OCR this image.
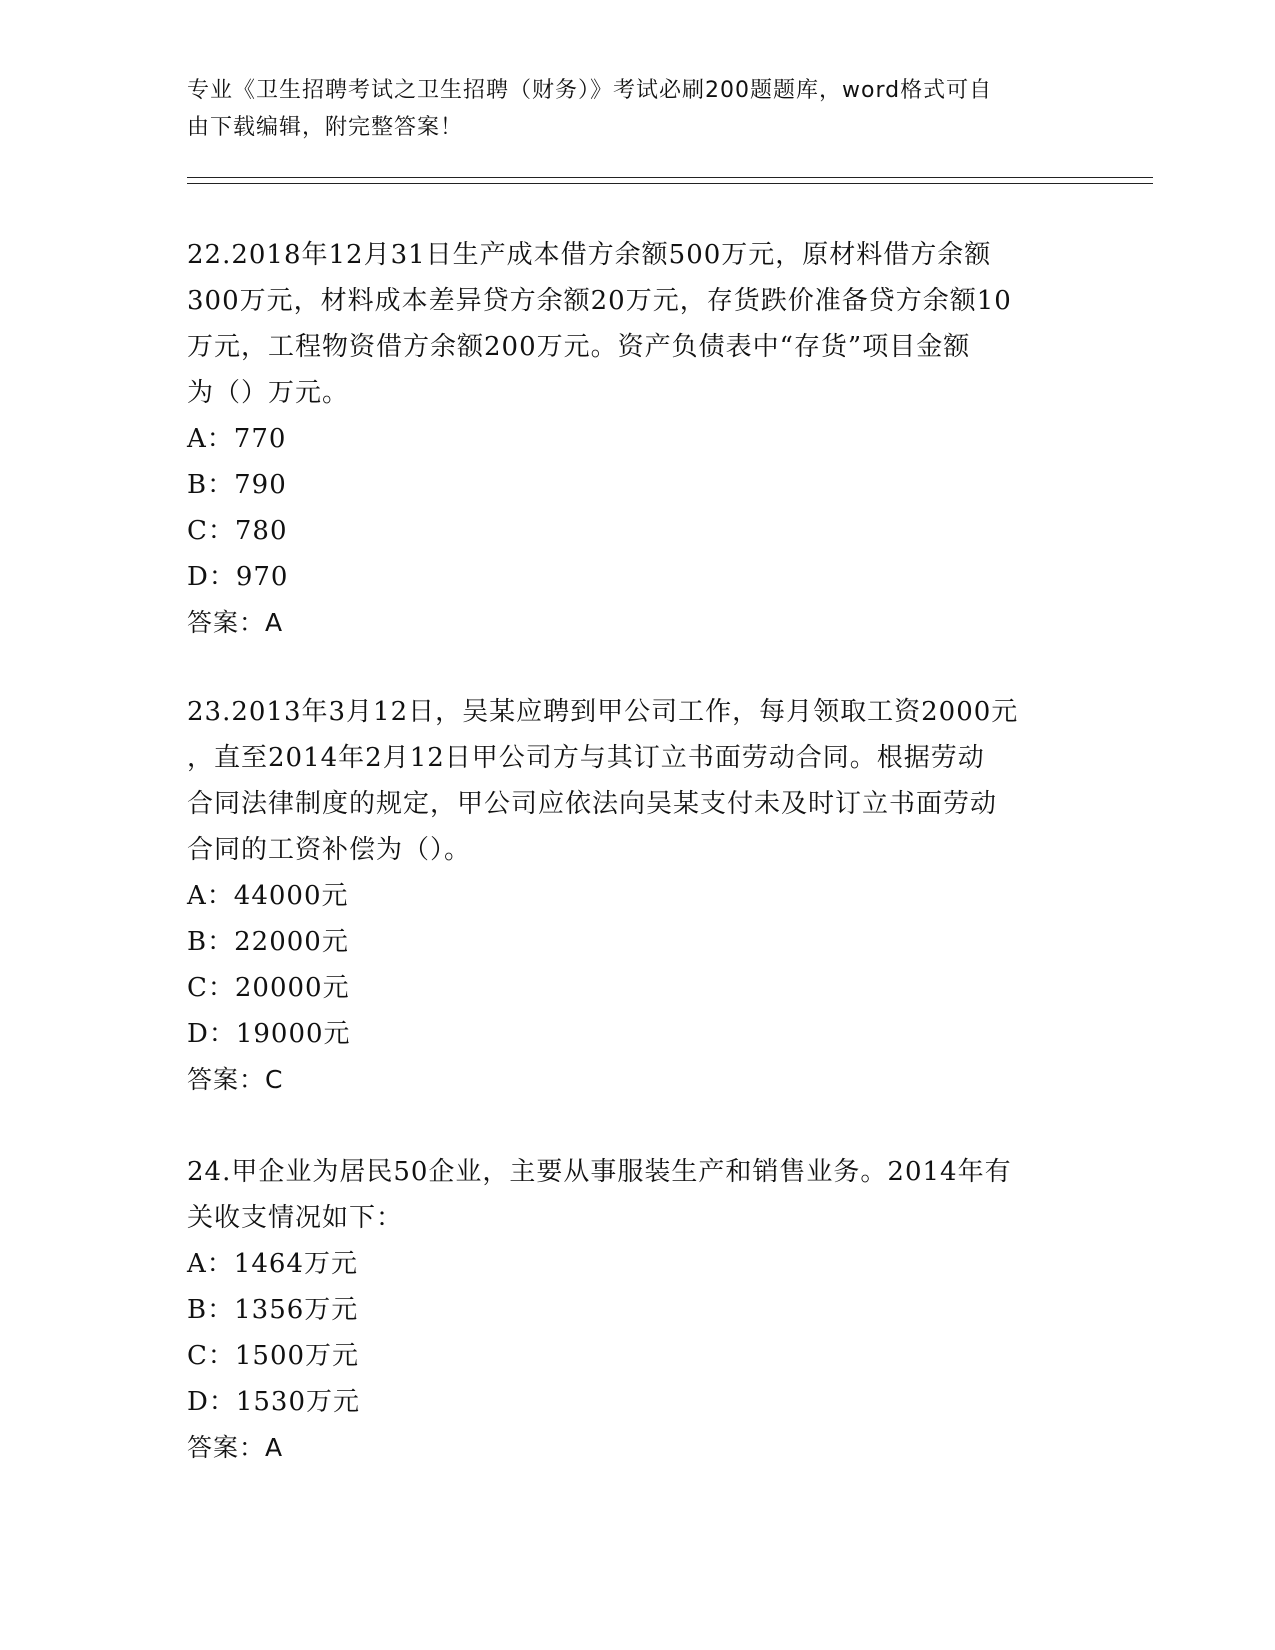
专业《卫生招聘考试之卫生招聘（财务）》考试必刷200题题库，word格式可自
由下载编辑，附完整答案！

22.2018年12月31日生产成本借方余额500万元，原材料借方余额

300万元，材料成本差异贷方余额20万元，存货跌价准备贷方余额10

万元，工程物资借方余额200万元。资产负债表中“存货”项目金额

为（）万元。

A：770

B：790

C：780

D：970

答案：A

23.2013年3月12日，吴某应聘到甲公司工作，每月领取工资2000元

，直至2014年2月12日甲公司方与其订立书面劳动合同。根据劳动

合同法律制度的规定，甲公司应依法向吴某支付未及时订立书面劳动

合同的工资补偿为（）。

A：44000元

B：22000元

C：20000元

D：19000元

答案：C

24.甲企业为居民50企业，主要从事服装生产和销售业务。2014年有

关收支情况如下：

A：1464万元

B：1356万元

C：1500万元

D：1530万元

答案：A
